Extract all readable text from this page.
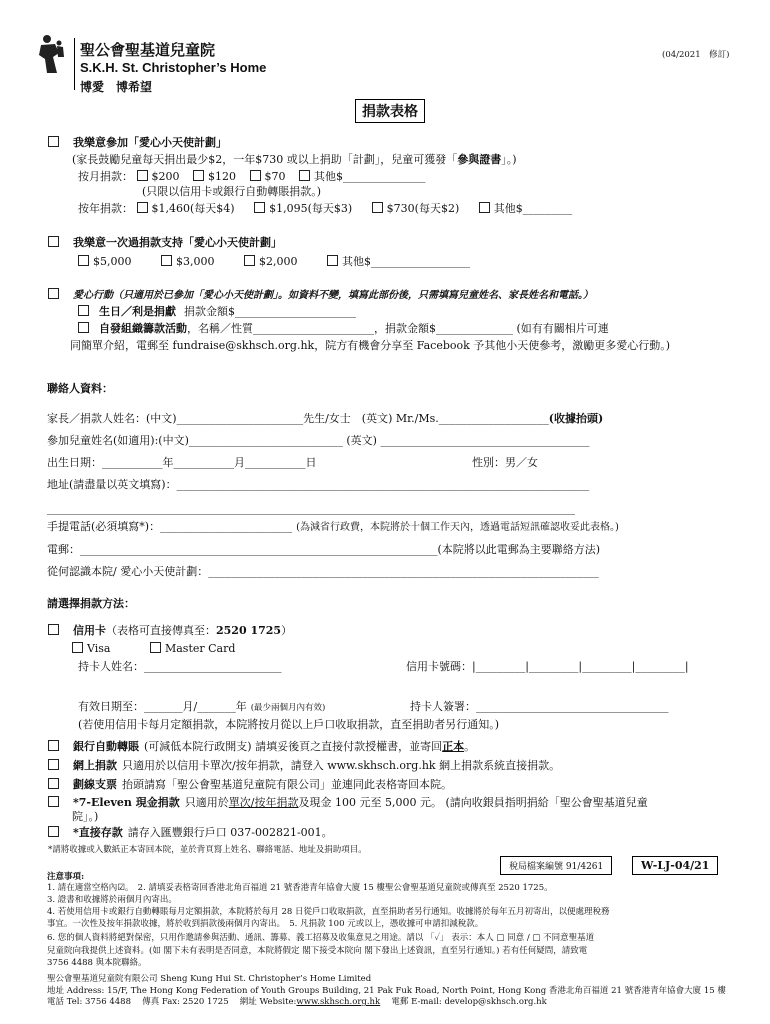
聖公會聖基道兒童院
S.K.H. St. Christopher’s Home
博愛　博希望
(04/2021　修訂)
捐款表格
我樂意參加「愛心小天使計劃」
(家長鼓勵兒童每天捐出最少$2，一年$730 或以上捐助「計劃」，兒童可獲發「參與證書」。)
按月捐款： $200	$120	$70	其他$_______________
(只限以信用卡或銀行自動轉賬捐款。)
按年捐款： $1,460(每天$4)	$1,095(每天$3)	$730(每天$2)	其他$_________
我樂意一次過捐款支持「愛心小天使計劃」
$5,000	$3,000	$2,000	其他$__________________
愛心行動（只適用於已參加「愛心小天使計劃」。如資料不變，填寫此部份後，只需填寫兒童姓名、家長姓名和電話。）
生日／利是捐獻 捐款金額$______________________
自發組織籌款活動，名稱／性質______________________，捐款金額$______________ (如有有關相片可連
同簡單介紹，電郵至 fundraise@skhsch.org.hk，院方有機會分享至 Facebook 予其他小天使參考，激勵更多愛心行動。)
聯絡人資料：
家長／捐款人姓名：(中文)_______________________先生/女士　(英文) Mr./Ms.____________________(收據抬頭)
參加兒童姓名(如適用):(中文)____________________________ (英文) ______________________________________
出生日期：___________年___________月___________日	性別：男／女
地址(請盡量以英文填寫)：___________________________________________________________________________
________________________________________________________________________________________________
手提電話(必須填寫*)：________________________ (為減省行政費，本院將於十個工作天內，透過電話短訊確認收妥此表格。)
電郵：_________________________________________________________________(本院將以此電郵為主要聯絡方法)
從何認識本院/ 愛心小天使計劃：_______________________________________________________________________
請選擇捐款方法：
信用卡（表格可直接傳真至：2520 1725）
Visa	Master Card
持卡人姓名：_________________________	信用卡號碼：|_________|_________|_________|_________|
有效日期至：_______月/_______年 (最少兩個月內有效)	持卡人簽署：___________________________________
(若使用信用卡每月定額捐款，本院將按月從以上戶口收取捐款，直至捐助者另行通知。)
銀行自動轉賬 (可減低本院行政開支) 請填妥後頁之直接付款授權書，並寄回正本。
網上捐款 只適用於以信用卡單次/按年捐款，請登入 www.skhsch.org.hk 網上捐款系統直接捐款。
劃線支票 抬頭請寫「聖公會聖基道兒童院有限公司」並連同此表格寄回本院。
*7-Eleven 現金捐款 只適用於單次/按年捐款及現金 100 元至 5,000 元。 (請向收銀員指明捐給「聖公會聖基道兒童
院」。)
*直接存款 請存入匯豐銀行戶口 037-002821-001。
*請將收據或入數紙正本寄回本院，並於背頁寫上姓名、聯絡電話、地址及捐助項目。
稅局檔案編號 91/4261	W-LJ-04/21
注意事項:
1. 請在適當空格內☑。　2. 請填妥表格寄回香港北角百福道 21 號香港青年協會大廈 15 樓聖公會聖基道兒童院或傳真至 2520 1725。
3. 證書和收據將於兩個月內寄出。
4. 若使用信用卡或銀行自動轉賬每月定額捐款，本院將於每月 28 日從戶口收取捐款，直至捐助者另行通知。收據將於每年五月初寄出，以便處理稅務
事宜。一次性及按年捐款收據，將於收到捐款後兩個月內寄出。　5. 凡捐款 100 元或以上，憑收據可申請扣減稅款。
6. 您的個人資料將絕對保密，只用作邀請參與活動、通訊、籌募、義工招募及收集意見之用途。請以 「✓」 表示：本人 □ 同意 / □ 不同意聖基道
兒童院向我提供上述資料。(如 閣下未有表明是否同意，本院將假定 閣下接受本院向 閣下發出上述資訊，直至另行通知。) 若有任何疑問，請致電
3756 4488 與本院聯絡。
聖公會聖基道兒童院有限公司 Sheng Kung Hui St. Christopher’s Home Limited
地址 Address: 15/F, The Hong Kong Federation of Youth Groups Building, 21 Pak Fuk Road, North Point, Hong Kong 香港北角百福道 21 號香港青年協會大廈 15 樓
電話 Tel: 3756 4488　 傳真 Fax: 2520 1725　 網址 Website:www.skhsch.org.hk　 電郵 E-mail: develop@skhsch.org.hk
